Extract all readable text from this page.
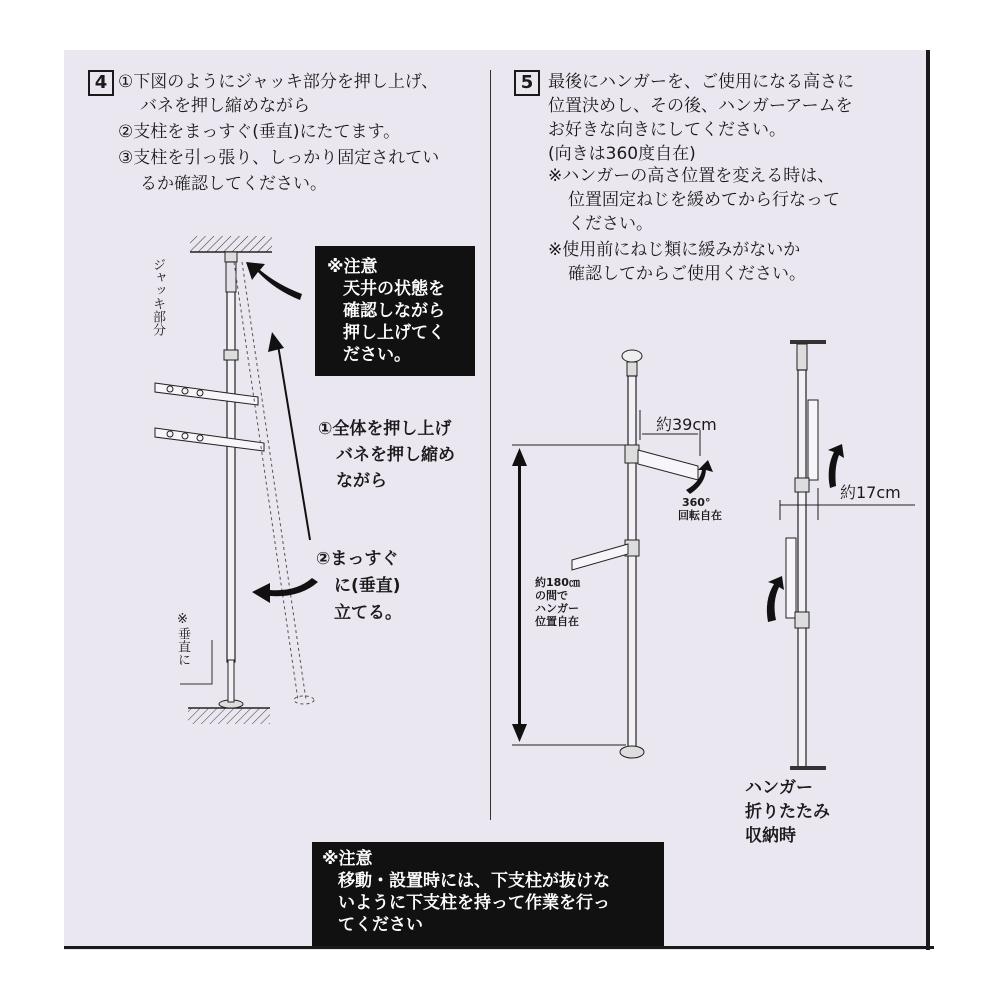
4 ①下図のようにジャッキ部分を押し上げ、
バネを押し縮めながら
②支柱をまっすぐ(垂直)にたてます。
③支柱を引っ張り、しっかり固定されてい
るか確認してください。
ジャッキ部分
※垂直に
※注意
天井の状態を
確認しながら
押し上げてく
ださい。
①全体を押し上げ
バネを押し縮め
ながら
②まっすぐ
に(垂直)
立てる。
5 最後にハンガーを、ご使用になる高さに
位置決めし、その後、ハンガーアームを
お好きな向きにしてください。
(向きは360度自在)
※ハンガーの高さ位置を変える時は、
位置固定ねじを緩めてから行なって
ください。
※使用前にねじ類に緩みがないか
確認してからご使用ください。
約39cm
360°
回転自在
約180㎝
の間で
ハンガー
位置自在
約17cm
ハンガー
折りたたみ
収納時
※注意
移動・設置時には、下支柱が抜けな
いように下支柱を持って作業を行っ
てください
